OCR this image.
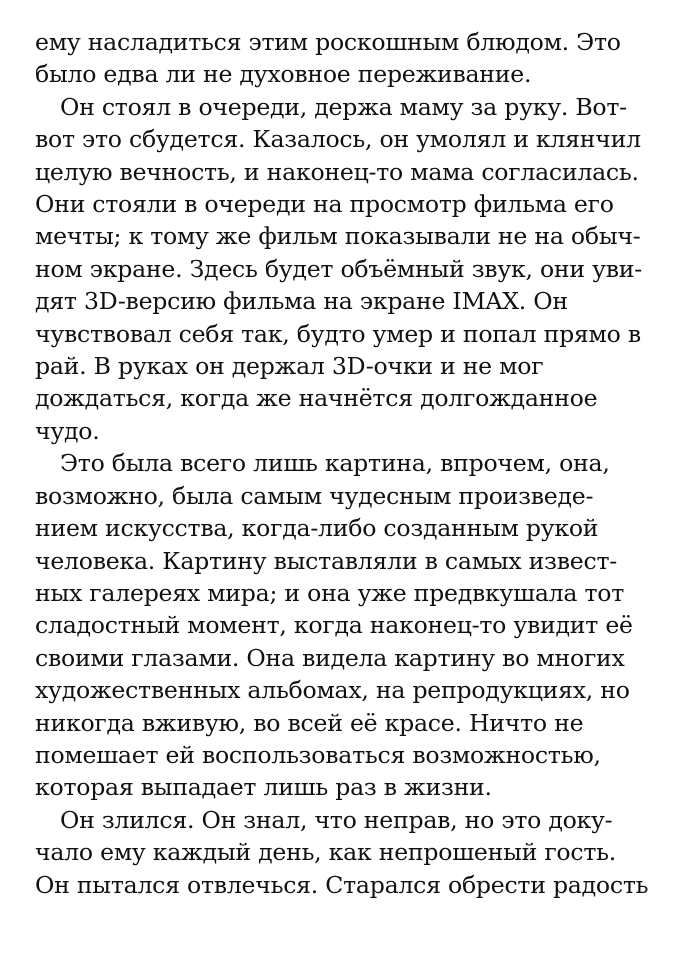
ему насладиться этим роскошным блюдом. Это
было едва ли не духовное переживание.
Он стоял в очереди, держа маму за руку. Вот-
вот это сбудется. Казалось, он умолял и клянчил
целую вечность, и наконец-то мама согласилась.
Они стояли в очереди на просмотр фильма его
мечты; к тому же фильм показывали не на обыч-
ном экране. Здесь будет объёмный звук, они уви-
дят 3D-версию фильма на экране IMAX. Он
чувствовал себя так, будто умер и попал прямо в
рай. В руках он держал 3D-очки и не мог
дождаться, когда же начнётся долгожданное
чудо.
Это была всего лишь картина, впрочем, она,
возможно, была самым чудесным произведе-
нием искусства, когда-либо созданным рукой
человека. Картину выставляли в самых извест-
ных галереях мира; и она уже предвкушала тот
сладостный момент, когда наконец-то увидит её
своими глазами. Она видела картину во многих
художественных альбомах, на репродукциях, но
никогда вживую, во всей её красе. Ничто не
помешает ей воспользоваться возможностью,
которая выпадает лишь раз в жизни.
Он злился. Он знал, что неправ, но это доку-
чало ему каждый день, как непрошеный гость.
Он пытался отвлечься. Старался обрести радость
